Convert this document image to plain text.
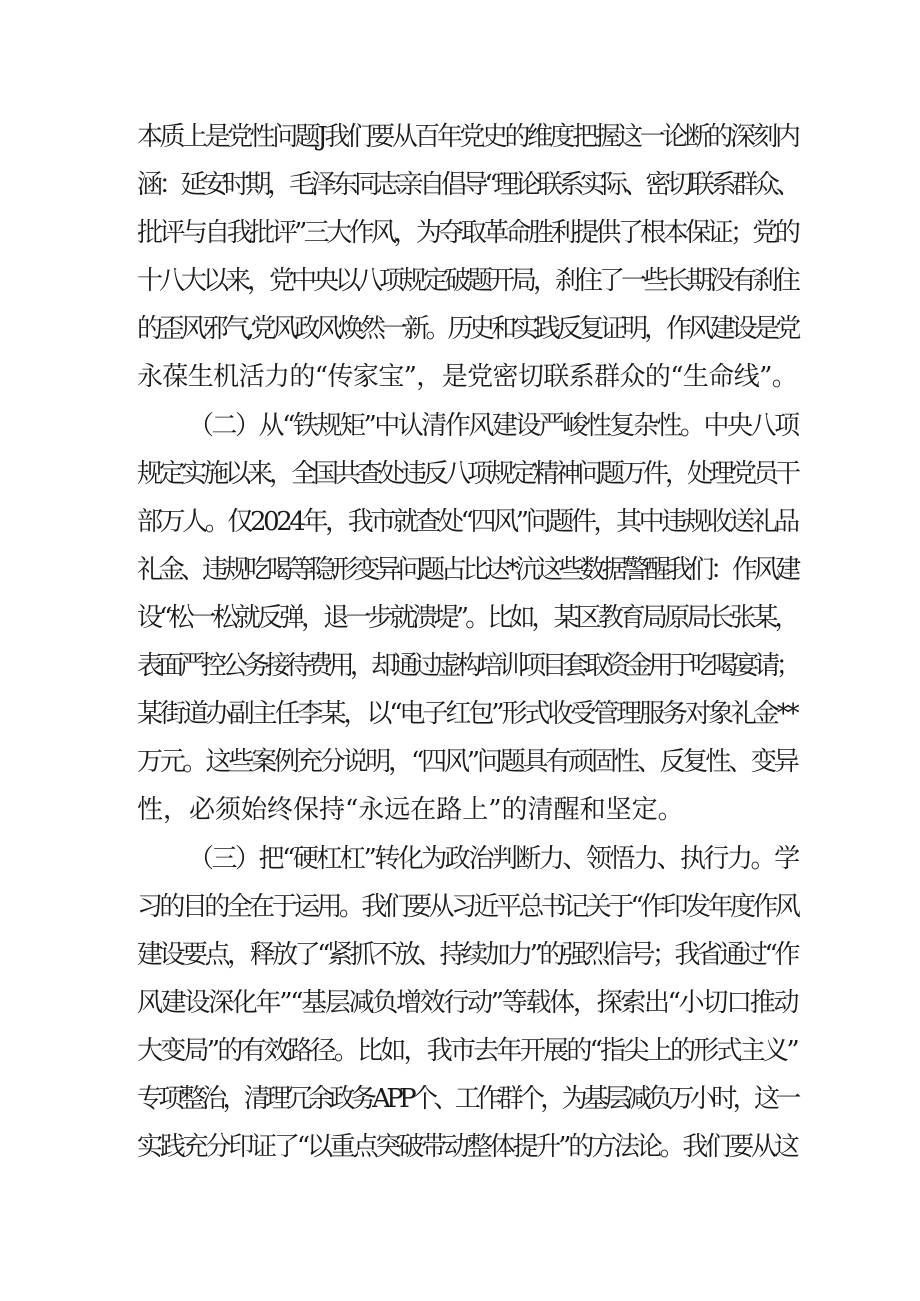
本质上是党性问题J我们要从百年党史的维度把握这一论断的深刻内
涵：延安时期，毛泽东同志亲自倡导“理论联系实际、密切联系群众、
批评与自我批评”三大作风，为夺取革命胜利提供了根本保证；党的
十八大以来，党中央以八项规定破题开局，刹住了一些长期没有刹住
的歪风邪气,党风政风焕然一新。历史和实践反复证明，作风建设是党
永葆生机活力的“传家宝”，是党密切联系群众的“生命线”。
（二）从“铁规矩”中认清作风建设严峻性复杂性。中央八项
规定实施以来，全国共查处违反八项规定精神问题万件，处理党员干
部万人。仅2024年，我市就查处“四风”问题件，其中违规收送礼品
礼金、违规吃喝等隐形变异问题占比达*沆这些数据警醒我们：作风建
设“松一松就反弹，退一步就溃堤”。比如，某区教育局原局长张某，
表面严控公务接待费用，却通过虚构培训项目套取资金用于吃喝宴请；
某街道办副主任李某，以“电子红包”形式收受管理服务对象礼金**
万元。这些案例充分说明，“四风”问题具有顽固性、反复性、变异
性，必须始终保持“永远在路上”的清醒和坚定。
（三）把“硬杠杠”转化为政治判断力、领悟力、执行力。学
习的目的全在于运用。我们要从习近平总书记关于“作印发年度作风
建设要点，释放了“紧抓不放、持续加力”的强烈信号；我省通过“作
风建设深化年”“基层减负增效行动”等载体，探索出“小切口推动
大变局”的有效路径。比如，我市去年开展的“指尖上的形式主义”
专项整治，清理冗余政务APP个、工作群个，为基层减负万小时，这一
实践充分印证了“以重点突破带动整体提升”的方法论。我们要从这
